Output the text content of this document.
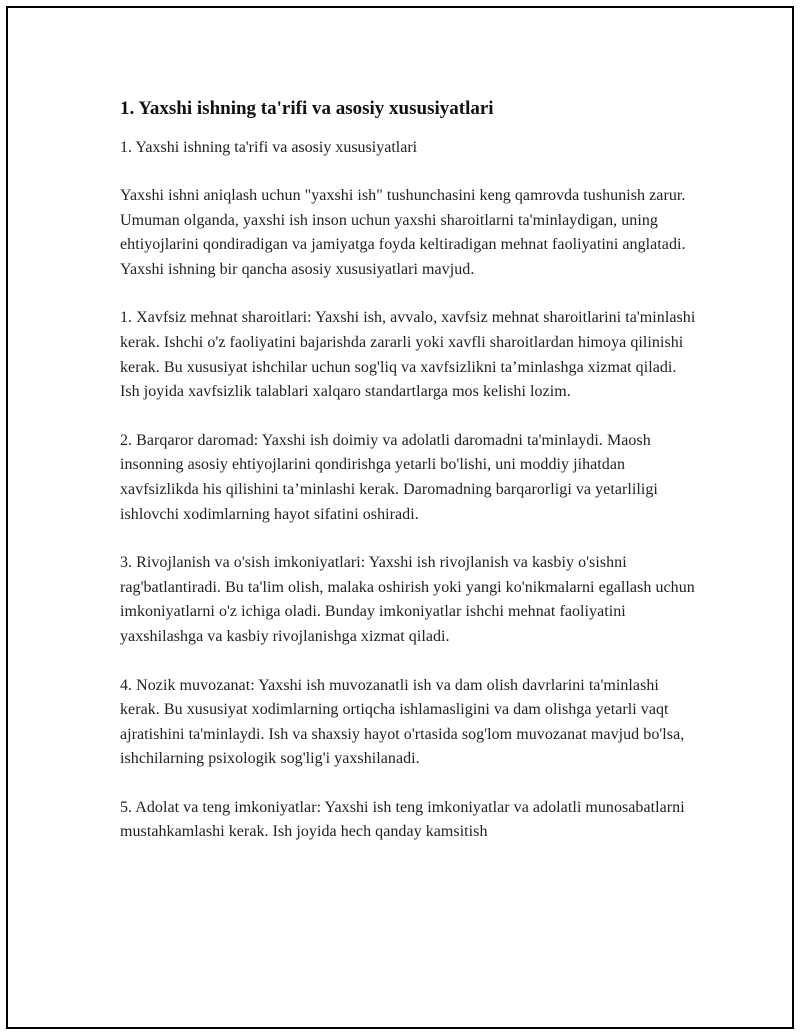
1. Yaxshi ishning ta'rifi va asosiy xususiyatlari

1. Yaxshi ishning ta'rifi va asosiy xususiyatlari

Yaxshi ishni aniqlash uchun "yaxshi ish" tushunchasini keng qamrovda tushunish zarur. Umuman olganda, yaxshi ish inson uchun yaxshi sharoitlarni ta'minlaydigan, uning ehtiyojlarini qondiradigan va jamiyatga foyda keltiradigan mehnat faoliyatini anglatadi. Yaxshi ishning bir qancha asosiy xususiyatlari mavjud.

1. Xavfsiz mehnat sharoitlari: Yaxshi ish, avvalo, xavfsiz mehnat sharoitlarini ta'minlashi kerak. Ishchi o'z faoliyatini bajarishda zararli yoki xavfli sharoitlardan himoya qilinishi kerak. Bu xususiyat ishchilar uchun sog'liq va xavfsizlikni ta’minlashga xizmat qiladi. Ish joyida xavfsizlik talablari xalqaro standartlarga mos kelishi lozim.

2. Barqaror daromad: Yaxshi ish doimiy va adolatli daromadni ta'minlaydi. Maosh insonning asosiy ehtiyojlarini qondirishga yetarli bo'lishi, uni moddiy jihatdan xavfsizlikda his qilishini ta’minlashi kerak. Daromadning barqarorligi va yetarliligi ishlovchi xodimlarning hayot sifatini oshiradi.

3. Rivojlanish va o'sish imkoniyatlari: Yaxshi ish rivojlanish va kasbiy o'sishni rag'batlantiradi. Bu ta'lim olish, malaka oshirish yoki yangi ko'nikmalarni egallash uchun imkoniyatlarni o'z ichiga oladi. Bunday imkoniyatlar ishchi mehnat faoliyatini yaxshilashga va kasbiy rivojlanishga xizmat qiladi.

4. Nozik muvozanat: Yaxshi ish muvozanatli ish va dam olish davrlarini ta'minlashi kerak. Bu xususiyat xodimlarning ortiqcha ishlamasligini va dam olishga yetarli vaqt ajratishini ta'minlaydi. Ish va shaxsiy hayot o'rtasida sog'lom muvozanat mavjud bo'lsa, ishchilarning psixologik sog'lig'i yaxshilanadi.

5. Adolat va teng imkoniyatlar: Yaxshi ish teng imkoniyatlar va adolatli munosabatlarni mustahkamlashi kerak. Ish joyida hech qanday kamsitish
